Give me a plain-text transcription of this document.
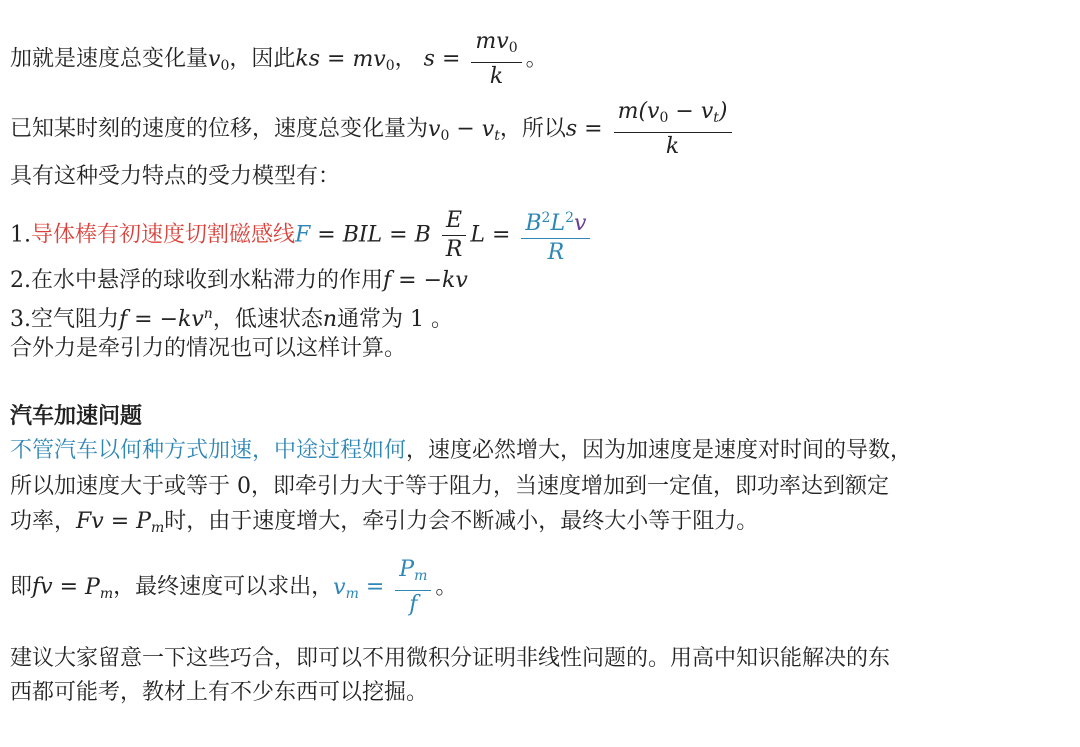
加就是速度总变化量$v_0$，因此ks = $mv_0$， $s = \frac{mv_0}{k}$ 。
已知某时刻的速度的位移，速度总变化量为$v_0 - v_t$，所以$s = \frac{m(v_0 - v_t)}{k}$
具有这种受力特点的受力模型有：
1.导体棒有初速度切割磁感线F = BIL = B $\frac{E}{R}$ $L = \frac{B^2L^2v}{R}$
2.在水中悬浮的球收到水粘滞力的作用f = −kv
3.空气阻力$f = -kv^n$，低速状态n通常为 1 。
合外力是牵引力的情况也可以这样计算。
汽车加速问题
不管汽车以何种方式加速，中途过程如何，速度必然增大，因为加速度是速度对时间的导数，
所以加速度大于或等于 0，即牵引力大于等于阻力，当速度增加到一定值，即功率达到额定
功率，$Fv = P_m$时，由于速度增大，牵引力会不断减小，最终大小等于阻力。
即fv = $P_m$，最终速度可以求出，$v_m = \frac{P_m}{f}$ 。
建议大家留意一下这些巧合，即可以不用微积分证明非线性问题的。用高中知识能解决的东
西都可能考，教材上有不少东西可以挖掘。
